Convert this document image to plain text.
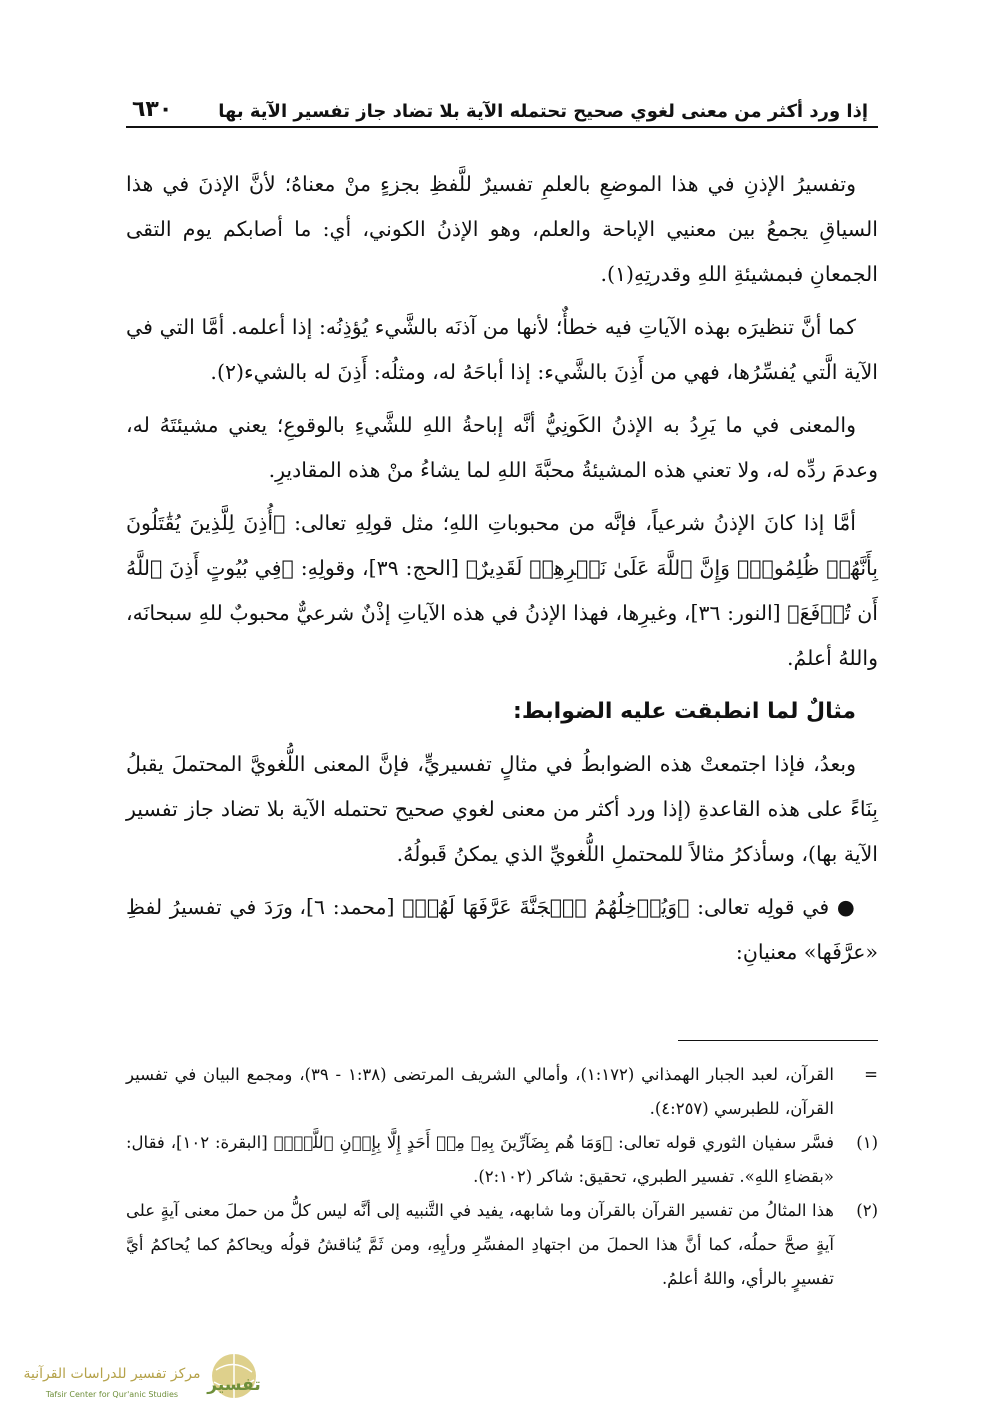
٦٣٠	إذا ورد أكثر من معنى لغوي صحيح تحتمله الآية بلا تضاد جاز تفسير الآية بها

وتفسيرُ الإذنِ في هذا الموضعِ بالعلمِ تفسيرٌ للَّفظِ بجزءٍ منْ معناهُ؛ لأنَّ الإذنَ في هذا السياقِ يجمعُ بين معنيي الإباحة والعلم، وهو الإذنُ الكوني، أي: ما أصابكم يوم التقى الجمعانِ فبمشيئةِ اللهِ وقدرتِهِ(١).

كما أنَّ تنظيرَه بهذه الآياتِ فيه خطأٌ؛ لأنها من آذنَه بالشَّيء يُؤذِنُه: إذا أعلمه. أمَّا التي في الآية الَّتي يُفسِّرُها، فهي من أَذِنَ بالشَّيء: إذا أباحَهُ له، ومثلُه: أَذِنَ له بالشيء(٢).

والمعنى في ما يَرِدُ به الإذنُ الكَونِيُّ أنَّه إباحةُ اللهِ للشَّيءِ بالوقوعِ؛ يعني مشيئتَهُ له، وعدمَ ردِّه له، ولا تعني هذه المشيئةُ محبَّةَ اللهِ لما يشاءُ منْ هذه المقاديرِ.

أمَّا إذا كانَ الإذنُ شرعياً، فإنَّه من محبوباتِ اللهِ؛ مثل قولِهِ تعالى: ﴿أُذِنَ لِلَّذِينَ يُقَٰتَلُونَ بِأَنَّهُمۡ ظُلِمُواْۚ وَإِنَّ ٱللَّهَ عَلَىٰ نَصۡرِهِمۡ لَقَدِيرٌ﴾ [الحج: ٣٩]، وقولِهِ: ﴿فِي بُيُوتٍ أَذِنَ ٱللَّهُ أَن تُرۡفَعَ﴾ [النور: ٣٦]، وغيرِها، فهذا الإذنُ في هذه الآياتِ إذْنٌ شرعيٌّ محبوبٌ للهِ سبحانَه، واللهُ أعلمُ.

مثالٌ لما انطبقت عليه الضوابط:

وبعدُ، فإذا اجتمعتْ هذه الضوابطُ في مثالٍ تفسيريٍّ، فإنَّ المعنى اللُّغويَّ المحتملَ يقبلُ بِنَاءً على هذه القاعدةِ (إذا ورد أكثر من معنى لغوي صحيح تحتمله الآية بلا تضاد جاز تفسير الآية بها)، وسأذكرُ مثالاً للمحتملِ اللُّغويِّ الذي يمكنُ قَبولُهُ.

● في قولِه تعالى: ﴿وَيُدۡخِلُهُمُ ٱلۡجَنَّةَ عَرَّفَهَا لَهُمۡ﴾ [محمد: ٦]، ورَدَ في تفسيرُ لفظِ «عرَّفَها» معنيانِ:

=
القرآن، لعبد الجبار الهمذاني (١:١٧٢)، وأمالي الشريف المرتضى (١:٣٨ - ٣٩)، ومجمع البيان في تفسير القرآن، للطبرسي (٤:٢٥٧).
(١)
فسَّر سفيان الثوري قوله تعالى: ﴿وَمَا هُم بِضَآرِّينَ بِهِۦ مِنۡ أَحَدٍ إِلَّا بِإِذۡنِ ٱللَّهِۚ﴾ [البقرة: ١٠٢]، فقال: «بقضاءِ اللهِ». تفسير الطبري، تحقيق: شاكر (٢:١٠٢).
(٢)
هذا المثالُ من تفسير القرآن بالقرآن وما شابهه، يفيد في التَّنبيه إلى أنَّه ليس كلُّ من حملَ معنى آيةٍ على آيةٍ صحَّ حملُه، كما أنَّ هذا الحملَ من اجتهادِ المفسِّرِ ورأيِهِ، ومن ثَمَّ يُناقشُ قولُه ويحاكمُ كما يُحاكمُ أيَّ تفسيرٍ بالرأي، واللهُ أعلمُ.
تفسير
مركز تفسير للدراسات القرآنية
Tafsir Center for Qur'anic Studies
